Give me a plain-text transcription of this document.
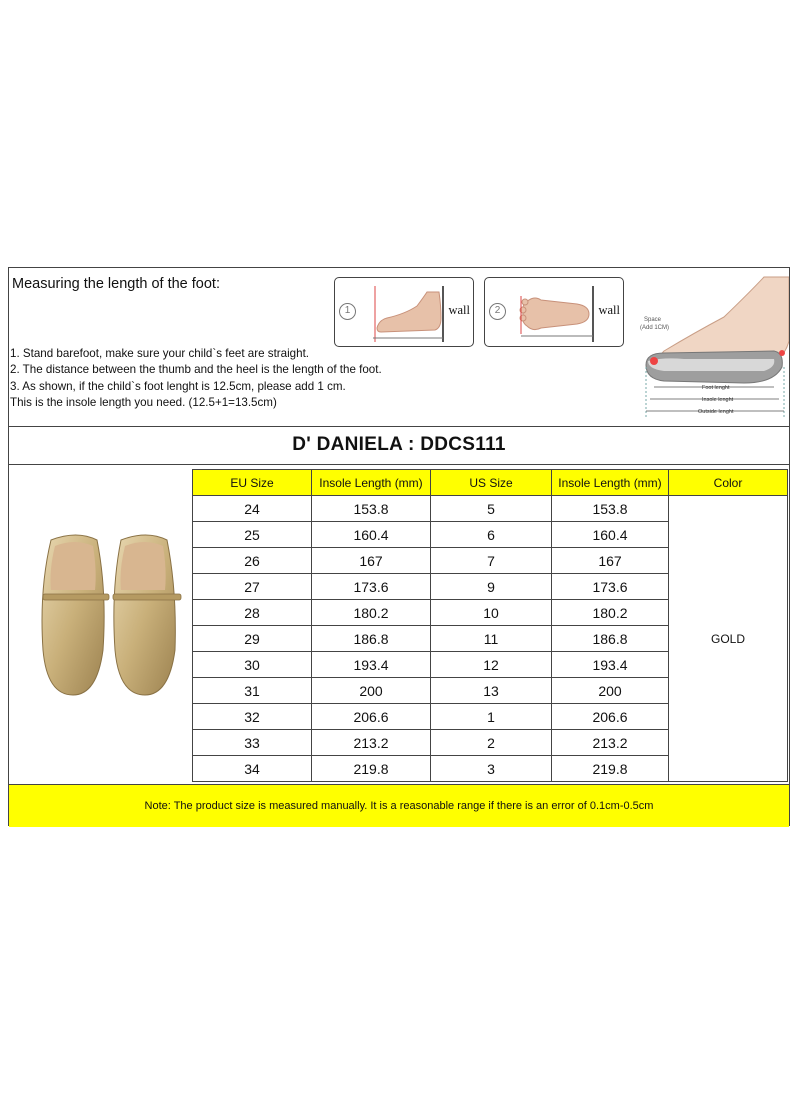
Measuring the length of the foot:
1	wall	2	wall
Space
(Add 1CM)
Foot lenght
Insole lenght
Outside lenght
1. Stand barefoot, make sure your child`s feet are straight.
2. The distance between the thumb and the heel is the length of the foot.
3. As shown, if the child`s foot lenght is 12.5cm, please add 1 cm.
This is the insole length you need. (12.5+1=13.5cm)
D' DANIELA : DDCS111
EU Size	Insole Length (mm)	US Size	Insole Length (mm)	Color
24	153.8	5	153.8	GOLD
25	160.4	6	160.4	
26	167	7	167	
27	173.6	9	173.6	
28	180.2	10	180.2	
29	186.8	11	186.8	
30	193.4	12	193.4	
31	200	13	200	
32	206.6	1	206.6	
33	213.2	2	213.2	
34	219.8	3	219.8	
Note: The product size is measured manually. It is a reasonable range if there is an error of 0.1cm-0.5cm
